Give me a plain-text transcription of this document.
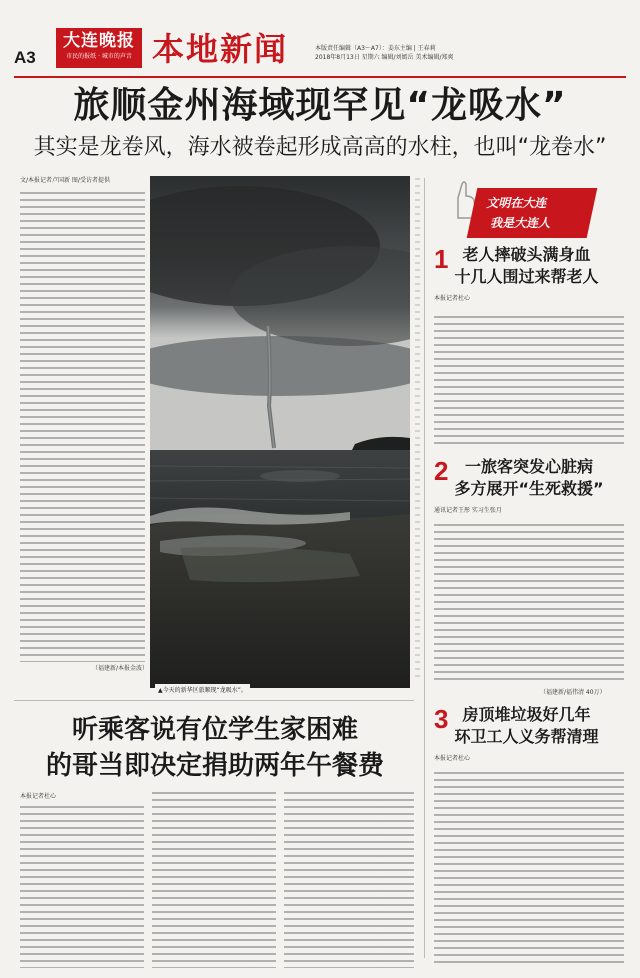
A3
大连晚报
市民的报纸 · 城市的声音 本地新闻	本版责任编辑（A3～A7）：姜东主编 | 王春莉
2018年8月13日 星期六 编辑/刘嫣岳 美术编辑/郑爽
旅顺金州海域现罕见“龙吸水”
其实是龙卷风，海水被卷起形成高高的水柱，也叫“龙卷水”
文/本报记者卢国新 图/受访者提供
（福建新/本报金波）
▲今天的新华区旅顺现“龙吸水”。
文明在大连
我是大连人
1 老人摔破头满身血
十几人围过来帮老人
本报记者杜心
2	一旅客突发心脏病
多方展开“生死救援”
通讯记者王彤 实习生张月
（福建新/福伟清 40万）
3 房顶堆垃圾好几年
环卫工人义务帮清理
本报记者杜心
听乘客说有位学生家困难
的哥当即决定捐助两年午餐费
本报记者杜心
